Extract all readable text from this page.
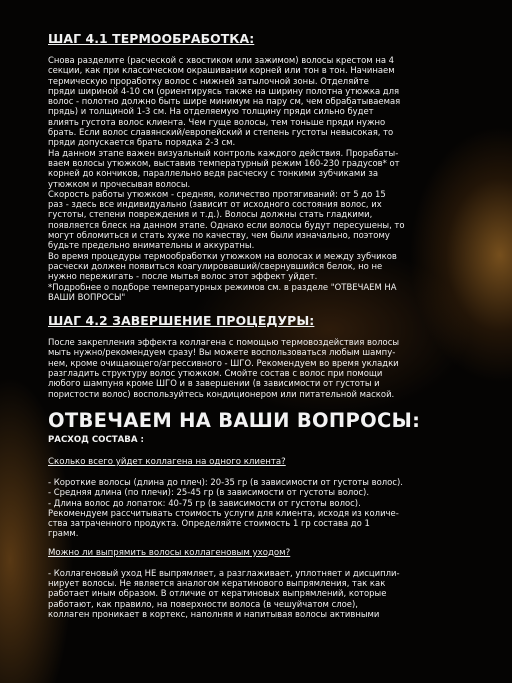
ШАГ 4.1 ТЕРМООБРАБОТКА:
Снова разделите (расческой с хвостиком или зажимом) волосы крестом на 4
секции, как при классическом окрашивании корней или тон в тон. Начинаем
термическую проработку волос с нижней затылочной зоны. Отделяйте
пряди шириной 4-10 см (ориентируясь также на ширину полотна утюжка для
волос - полотно должно быть шире минимум на пару см, чем обрабатываемая
прядь) и толщиной 1-3 см. На отделяемую толщину пряди сильно будет
влиять густота волос клиента. Чем гуще волосы, тем тоньше пряди нужно
брать. Если волос славянский/европейский и степень густоты невысокая, то
пряди допускается брать порядка 2-3 см.
На данном этапе важен визуальный контроль каждого действия. Прорабаты-
ваем волосы утюжком, выставив температурный режим 160-230 градусов* от
корней до кончиков, параллельно ведя расческу с тонкими зубчиками за
утюжком и прочесывая волосы.
Скорость работы утюжком - средняя, количество протягиваний: от 5 до 15
раз - здесь все индивидуально (зависит от исходного состояния волос, их
густоты, степени повреждения и т.д.). Волосы должны стать гладкими,
появляется блеск на данном этапе. Однако если волосы будут пересушены, то
могут обломиться и стать хуже по качеству, чем были изначально, поэтому
будьте предельно внимательны и аккуратны.
Во время процедуры термообработки утюжком на волосах и между зубчиков
расчески должен появиться коагулировавший/свернувшийся белок, но не
нужно пережигать - после мытья волос этот эффект уйдет.
*Подробнее о подборе температурных режимов см. в разделе "ОТВЕЧАЕМ НА
ВАШИ ВОПРОСЫ"
ШАГ 4.2 ЗАВЕРШЕНИЕ ПРОЦЕДУРЫ:
После закрепления эффекта коллагена с помощью термовоздействия волосы
мыть нужно/рекомендуем сразу! Вы можете воспользоваться любым шампу-
нем, кроме очищающего/агрессивного - ШГО. Рекомендуем во время укладки
разгладить структуру волос утюжком. Смойте состав с волос при помощи
любого шампуня кроме ШГО и в завершении (в зависимости от густоты и
пористости волос) воспользуйтесь кондиционером или питательной маской.
ОТВЕЧАЕМ НА ВАШИ ВОПРОСЫ:
РАСХОД СОСТАВА :
Сколько всего уйдет коллагена на одного клиента?
- Короткие волосы (длина до плеч): 20-35 гр (в зависимости от густоты волос).
- Средняя длина (по плечи): 25-45 гр (в зависимости от густоты волос).
- Длина волос до лопаток: 40-75 гр (в зависимости от густоты волос).
Рекомендуем рассчитывать стоимость услуги для клиента, исходя из количе-
ства затраченного продукта. Определяйте стоимость 1 гр состава до 1
грамм.
Можно ли выпрямить волосы коллагеновым уходом?
- Коллагеновый уход НЕ выпрямляет, а разглаживает, уплотняет и дисципли-
нирует волосы. Не является аналогом кератинового выпрямления, так как
работает иным образом. В отличие от кератиновых выпрямлений, которые
работают, как правило, на поверхности волоса (в чешуйчатом слое),
коллаген проникает в кортекс, наполняя и напитывая волосы активными
